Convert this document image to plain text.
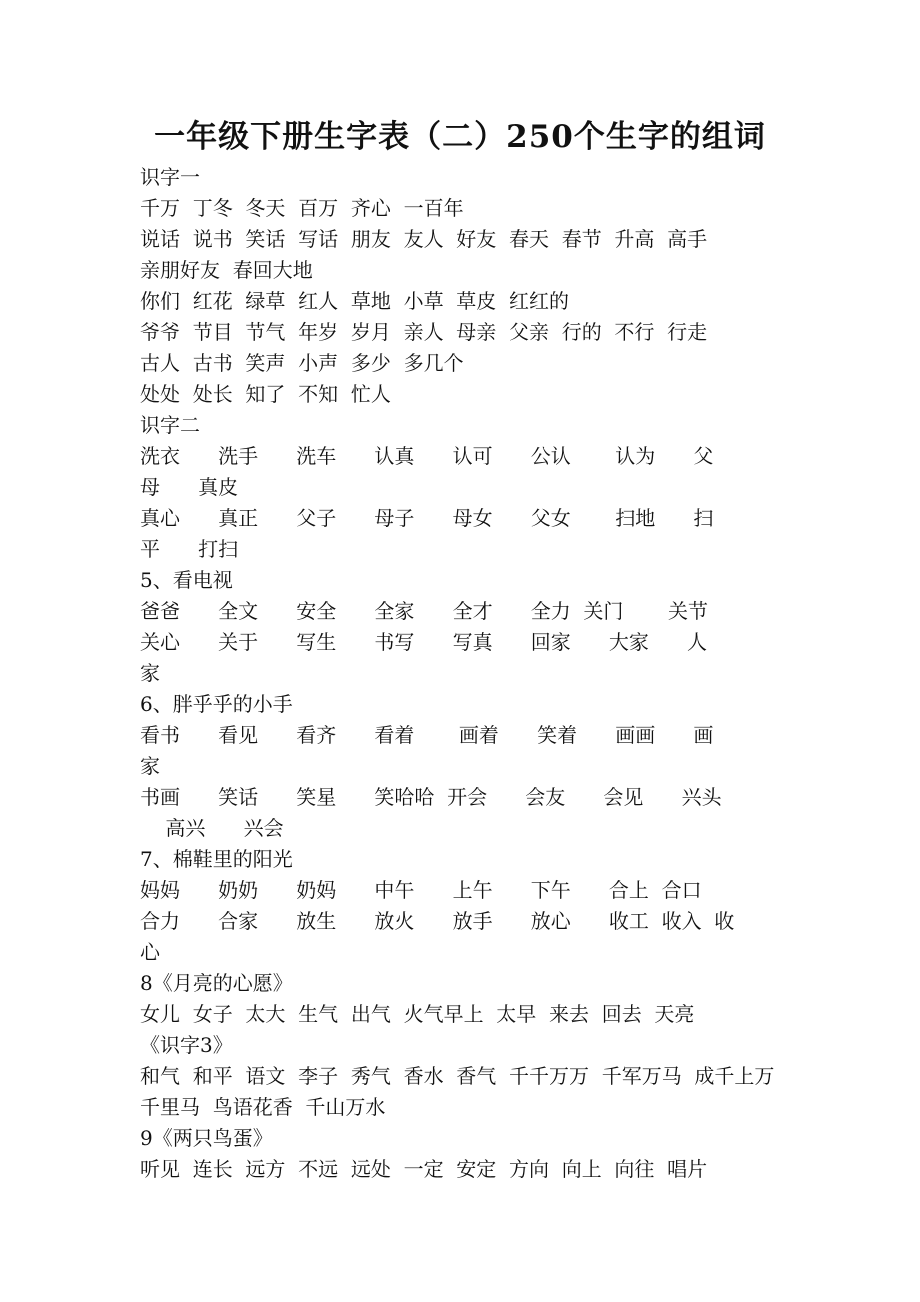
一年级下册生字表（二）250个生字的组词
识字一
千万  丁冬  冬天  百万  齐心  一百年
说话  说书  笑话  写话  朋友  友人  好友  春天  春节  升高  高手
亲朋好友  春回大地
你们  红花  绿草  红人  草地  小草  草皮  红红的
爷爷  节目  节气  年岁  岁月  亲人  母亲  父亲  行的  不行  行走
古人  古书  笑声  小声  多少  多几个
处处  处长  知了  不知  忙人
识字二
洗衣      洗手      洗车      认真      认可      公认       认为      父
母      真皮
真心      真正      父子      母子      母女      父女       扫地      扫
平      打扫
5、看电视
爸爸      全文      安全      全家      全才      全力  关门       关节
关心      关于      写生      书写      写真      回家      大家      人
家
6、胖乎乎的小手
看书      看见      看齐      看着       画着      笑着      画画      画
家
书画      笑话      笑星      笑哈哈  开会      会友      会见      兴头
高兴      兴会
7、棉鞋里的阳光
妈妈      奶奶      奶妈      中午      上午      下午      合上  合口
合力      合家      放生      放火      放手      放心      收工  收入  收
心
8《月亮的心愿》
女儿  女子  太大  生气  出气  火气早上  太早  来去  回去  天亮
《识字3》
和气  和平  语文  李子  秀气  香水  香气  千千万万  千军万马  成千上万
千里马  鸟语花香  千山万水
9《两只鸟蛋》
听见  连长  远方  不远  远处  一定  安定  方向  向上  向往  唱片
